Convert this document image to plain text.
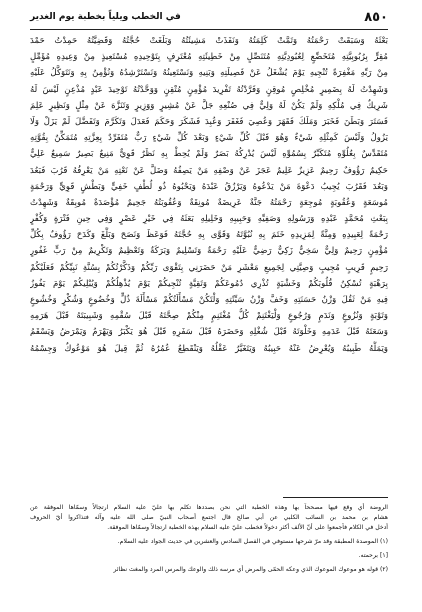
٨٥٠
في الخطب ويلياً بخطبة يوم الغدير
بَعْثَهُ وَسَبَقَتْ رَحْمَتُهُ وَتَمَّتْ كَلِمَتُهُ وَنَفَذَتْ مَشِيئَتُهُ وَبَلَغَتْ حُجَّتُهُ وَقَضِيَّتُهُ حَمِدْتُ حَمْدَ
مُقِرٍّ بِرُبُوبِيَّتِهِ مُتَخَضِّعٍ لِعُبُودِيَّتِهِ مُتَنَصِّلٍ مِنْ خَطِيئَتِهِ مُعْتَرِفٍ بِتَوْحِيدِهِ مُسْتَعِيذٍ مِنْ وَعِيدِهِ مُؤَمِّلٍ
مِنْ رَبِّهِ مَغْفِرَةً تُنْجِيهِ يَوْمَ يُشْغَلُ عَنْ فَصِيلَتِهِ وَبَنِيهِ وَنَسْتَعِينُهُ وَنَسْتَرْشِدُهُ وَنُؤْمِنُ بِهِ وَنَتَوَكَّلُ عَلَيْهِ
وَشَهِدْتُ لَهُ بِضَمِيرٍ مُخْلِصٍ مُوقِنٍ وَفَرَّدْتُهُ تَفْرِيدَ مُؤْمِنٍ مُتْقِنٍ وَوَحَّدْتُهُ تَوْحِيدَ عَبْدٍ مُذْعِنٍ لَيْسَ لَهُ
شَرِيكٌ فِي مُلْكِهِ وَلَمْ يَكُنْ لَهُ وَلِيٌّ فِي صُنْعِهِ جَلَّ عَنْ مُشِيرٍ وَوَزِيرٍ وَتَنَزَّهَ عَنْ مِثْلٍ وَنَظِيرٍ عَلِمَ
فَسَتَرَ وَبَطَنَ فَخَبَرَ وَمَلَكَ فَقَهَرَ وَعُصِيَ فَغَفَرَ وَعُبِدَ فَشَكَرَ وَحَكَمَ فَعَدَلَ وَتَكَرَّمَ وَتَفَضَّلَ لَمْ يَزَلْ وَلَا
يَزُولُ وَلَيْسَ كَمِثْلِهِ شَيْءٌ وَهُوَ قَبْلَ كُلِّ شَيْءٍ وَبَعْدَ كُلِّ شَيْءٍ رَبٌّ مُتَفَرِّدٌ بِعِزَّتِهِ مُتَمَكِّنٌ بِقُوَّتِهِ
مُتَقَدِّسٌ بِعُلُوِّهِ مُتَكَبِّرٌ بِسُمُوِّهِ لَيْسَ يُدْرِكُهُ بَصَرٌ وَلَمْ يُحِطْ بِهِ نَظَرٌ قَوِيٌّ مَنِيعٌ بَصِيرٌ سَمِيعٌ عَلِيٌّ
حَكِيمٌ رَؤُوفٌ رَحِيمٌ عَزِيزٌ عَلِيمٌ عَجَزَ عَنْ وَصْفِهِ مَنْ يَصِفُهُ وَضَلَّ عَنْ نَعْتِهِ مَنْ يَعْرِفُهُ قَرُبَ فَبَعُدَ
وَبَعُدَ فَقَرُبَ يُجِيبُ دَعْوَةَ مَنْ يَدْعُوهُ وَيَرْزُقُ عَبْدَهُ وَيَحْبُوهُ ذُو لُطْفٍ خَفِيٍّ وَبَطْشٍ قَوِيٍّ وَرَحْمَةٍ
مُوسَعَةٍ وَعُقُوبَةٍ مُوجِعَةٍ رَحْمَتُهُ جَنَّةٌ عَرِيضَةٌ مُونِقَةٌ وَعُقُوبَتُهُ جَحِيمٌ مُؤْصَدَةٌ مُوبِقَةٌ وَشَهِدْتُ
بِبَعْثِ مُحَمَّدٍ عَبْدِهِ وَرَسُولِهِ وَصَفِيِّهِ وَحَبِيبِهِ وَخَلِيلِهِ بَعَثَهُ فِي خَيْرِ عَصْرٍ وَفِي حِينِ فَتْرَةٍ وَكُفْرٍ
رَحْمَةً لِعَبِيدِهِ وَمِنَّةً لِمَزِيدِهِ خَتَمَ بِهِ نُبُوَّتَهُ وَقَوَّى بِهِ حُجَّتَهُ فَوَعَظَ وَنَصَحَ وَبَلَّغَ وَكَدَحَ رَؤُوفٌ بِكُلِّ
مُؤْمِنٍ رَحِيمٌ وَلِيٌّ سَخِيٌّ زَكِيٌّ رَضِيٌّ عَلَيْهِ رَحْمَةٌ وَتَسْلِيمٌ وَبَرَكَةٌ وَتَعْظِيمٌ وَتَكْرِيمٌ مِنْ رَبٍّ غَفُورٍ
رَحِيمٍ قَرِيبٍ مُجِيبٍ وَصِيَّتِي لِجَمِيعِ مَعْشَرِ مَنْ حَضَرَنِي بِتَقْوَى رَبِّكُمْ وَذَكَّرْتُكُمْ بِسُنَّةِ نَبِيِّكُمْ فَعَلَيْكُمْ
بِرَهْبَةٍ تُسْكِنُ قُلُوبَكُمْ وَخَشْيَةٍ تُذْرِي دُمُوعَكُمْ وَتَقِيَّةٍ تُنْجِيكُمْ يَوْمَ يُذْهِلُكُمْ وَيُبْلِيكُمْ يَوْمَ يَفُوزُ
فِيهِ مَنْ ثَقُلَ وَزْنُ حَسَنَتِهِ وَخَفَّ وَزْنُ سَيِّئَتِهِ وَلْتَكُنْ مَسْأَلَتُكُمْ مَسْأَلَةَ ذُلٍّ وَخُضُوعٍ وَشُكْرٍ وَخُشُوعٍ
وَتَوْبَةٍ وَنُزُوعٍ وَنَدَمٍ وَرُجُوعٍ وَلْيَغْتَنِمْ كُلُّ مُغْتَنِمٍ مِنْكُمْ صِحَّتَهُ قَبْلَ سُقْمِهِ وَشَبِيبَتَهُ قَبْلَ هَرَمِهِ
وَسَعَتَهُ قَبْلَ عَدَمِهِ وَخَلْوَتَهُ قَبْلَ شُغْلِهِ وَحَضَرَهُ قَبْلَ سَفَرِهِ قَبْلَ هُوَ يَكْبَرُ وَيَهْرَمُ وَيَمْرَضُ وَيَسْقَمُ
وَيَمَلُّهُ طَبِيبُهُ وَيُعْرِضُ عَنْهُ حَبِيبُهُ وَيَتَغَيَّرُ عَقْلُهُ وَيَنْقَطِعُ عُمُرُهُ ثُمَّ قِيلَ هُوَ مَوْعُوكٌ وَجِسْمُهُ
الروضة أي وقع فيها مصححاً بها وهذه الخطبة التي نحن بصددها تكلم بها عليّ عليه السلام ارتجالاً وسمّاها الموفقة عن
هشام بن محمد بن السائب الكلبي عن أبي صالح قال اجتمع أصحاب النبيّ صلى الله عليه وآله فتذاكروا أيّ الحروف
أدخل في الكلام فأجمعوا على أنّ الألف أكثر دخولاً فخطب عليّ عليه السلام بهذه الخطبة ارتجالاً وسمّاها الموفقة.
(١) الموصدة المطبقة وقد مرّ شرحها مستوفي في الفصل السادس والعشرين في حديث الجواد عليه السلام.
[١] برحمته.
(٢) قوله هو موعوك الموعوك الذي وعكه الحمّى والمرض أي مرسه ذلك والوعك والمرس المرد والمغث نظائر
